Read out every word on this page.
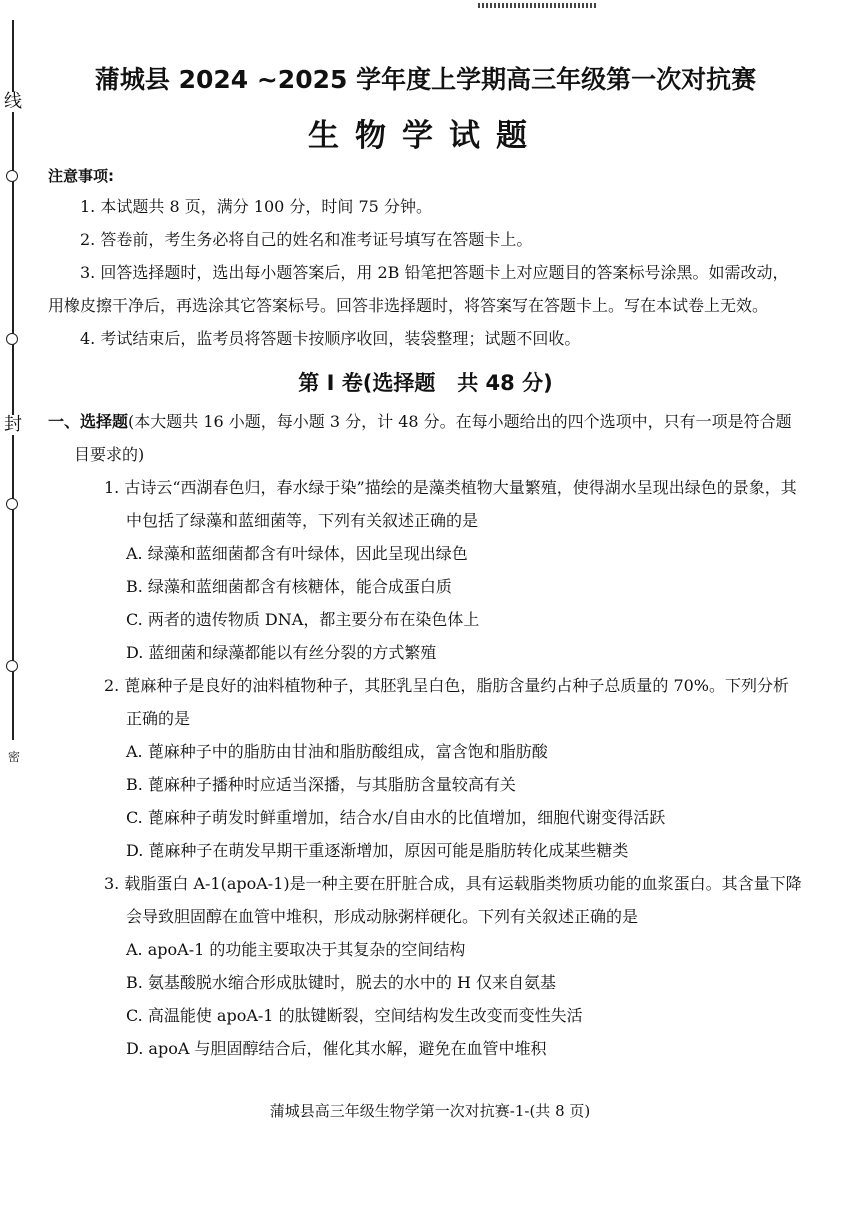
线
封
密
蒲城县 2024 ~2025 学年度上学期高三年级第一次对抗赛
生物学试题

注意事项:

1. 本试题共 8 页，满分 100 分，时间 75 分钟。

2. 答卷前，考生务必将自己的姓名和准考证号填写在答题卡上。

3. 回答选择题时，选出每小题答案后，用 2B 铅笔把答题卡上对应题目的答案标号涂黑。如需改动，用橡皮擦干净后，再选涂其它答案标号。回答非选择题时，将答案写在答题卡上。写在本试卷上无效。

4. 考试结束后，监考员将答题卡按顺序收回，装袋整理；试题不回收。

第 Ⅰ 卷(选择题   共 48 分)

一、选择题(本大题共 16 小题，每小题 3 分，计 48 分。在每小题给出的四个选项中，只有一项是符合题目要求的)

1. 古诗云“西湖春色归，春水绿于染”描绘的是藻类植物大量繁殖，使得湖水呈现出绿色的景象，其中包括了绿藻和蓝细菌等，下列有关叙述正确的是

A. 绿藻和蓝细菌都含有叶绿体，因此呈现出绿色

B. 绿藻和蓝细菌都含有核糖体，能合成蛋白质

C. 两者的遗传物质 DNA，都主要分布在染色体上

D. 蓝细菌和绿藻都能以有丝分裂的方式繁殖

2. 蓖麻种子是良好的油料植物种子，其胚乳呈白色，脂肪含量约占种子总质量的 70%。下列分析正确的是

A. 蓖麻种子中的脂肪由甘油和脂肪酸组成，富含饱和脂肪酸

B. 蓖麻种子播种时应适当深播，与其脂肪含量较高有关

C. 蓖麻种子萌发时鲜重增加，结合水/自由水的比值增加，细胞代谢变得活跃

D. 蓖麻种子在萌发早期干重逐渐增加，原因可能是脂肪转化成某些糖类

3. 载脂蛋白 A-1(apoA-1)是一种主要在肝脏合成，具有运载脂类物质功能的血浆蛋白。其含量下降会导致胆固醇在血管中堆积，形成动脉粥样硬化。下列有关叙述正确的是

A. apoA-1 的功能主要取决于其复杂的空间结构

B. 氨基酸脱水缩合形成肽键时，脱去的水中的 H 仅来自氨基

C. 高温能使 apoA-1 的肽键断裂，空间结构发生改变而变性失活

D. apoA 与胆固醇结合后，催化其水解，避免在血管中堆积

蒲城县高三年级生物学第一次对抗赛-1-(共 8 页)
